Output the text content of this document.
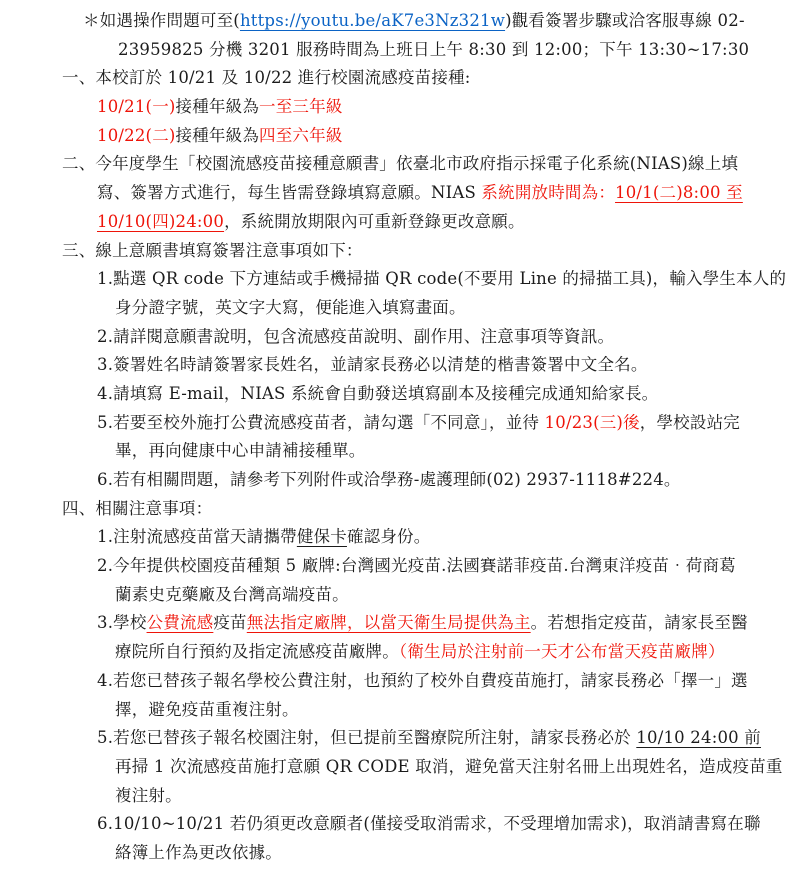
＊如遇操作問題可至(https://youtu.be/aK7e3Nz321w)觀看簽署步驟或洽客服專線 02-
23959825 分機 3201 服務時間為上班日上午 8:30 到 12:00；下午 13:30~17:30
一、本校訂於 10/21 及 10/22 進行校園流感疫苗接種:
10/21(一)接種年級為一至三年級
10/22(二)接種年級為四至六年級
二、今年度學生「校園流感疫苗接種意願書」依臺北市政府指示採電子化系統(NIAS)線上填
寫、簽署方式進行，每生皆需登錄填寫意願。NIAS 系統開放時間為：10/1(二)8:00 至
10/10(四)24:00，系統開放期限內可重新登錄更改意願。
三、線上意願書填寫簽署注意事項如下：
1.點選 QR code 下方連結或手機掃描 QR code(不要用 Line 的掃描工具)，輸入學生本人的
身分證字號，英文字大寫，便能進入填寫畫面。
2.請詳閱意願書說明，包含流感疫苗說明、副作用、注意事項等資訊。
3.簽署姓名時請簽署家長姓名，並請家長務必以清楚的楷書簽署中文全名。
4.請填寫 E-mail，NIAS 系統會自動發送填寫副本及接種完成通知給家長。
5.若要至校外施打公費流感疫苗者，請勾選「不同意」，並待 10/23(三)後，學校設站完
畢，再向健康中心申請補接種單。
6.若有相關問題，請參考下列附件或洽學務-處護理師(02) 2937-1118#224。
四、相關注意事項：
1.注射流感疫苗當天請攜帶健保卡確認身份。
2.今年提供校園疫苗種類 5 廠牌:台灣國光疫苗.法國賽諾菲疫苗.台灣東洋疫苗‧荷商葛
蘭素史克藥廠及台灣高端疫苗。
3.學校公費流感疫苗無法指定廠牌，以當天衛生局提供為主。若想指定疫苗，請家長至醫
療院所自行預約及指定流感疫苗廠牌。（衛生局於注射前一天才公布當天疫苗廠牌）
4.若您已替孩子報名學校公費注射，也預約了校外自費疫苗施打，請家長務必「擇一」選
擇，避免疫苗重複注射。
5.若您已替孩子報名校園注射，但已提前至醫療院所注射，請家長務必於 10/10 24:00 前
再掃 1 次流感疫苗施打意願 QR CODE 取消，避免當天注射名冊上出現姓名，造成疫苗重
複注射。
6.10/10~10/21 若仍須更改意願者(僅接受取消需求，不受理增加需求)，取消請書寫在聯
絡簿上作為更改依據。
